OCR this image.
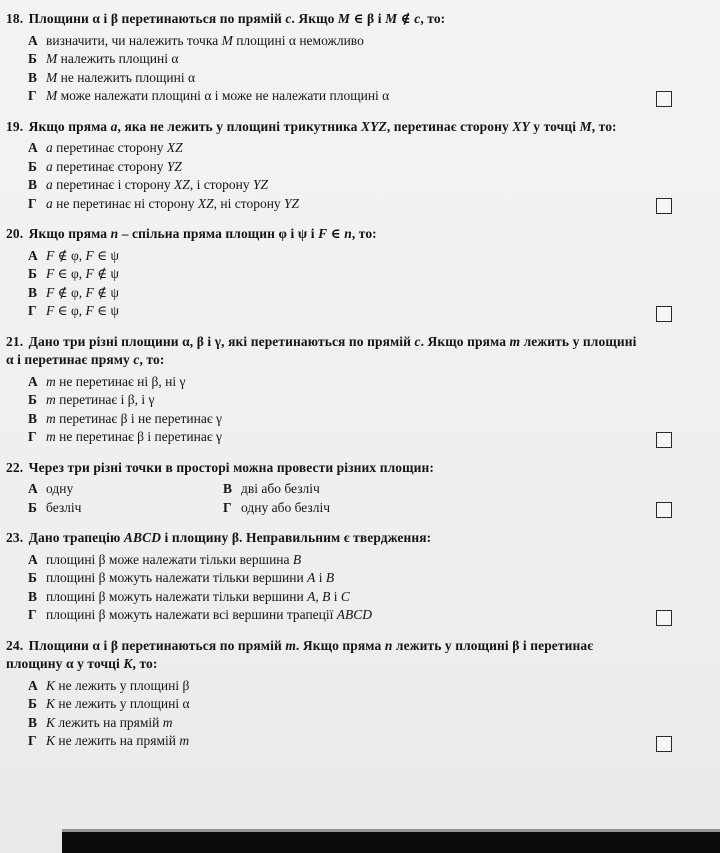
18. Площини α і β перетинаються по прямій c. Якщо M ∈ β і M ∉ c, то:

А визначити, чи належить точка M площині α неможливо
Б M належить площині α
В M не належить площині α
Г M може належати площині α і може не належати площині α

19. Якщо пряма a, яка не лежить у площині трикутника XYZ, перетинає сторону XY у точці M, то:

А a перетинає сторону XZ
Б a перетинає сторону YZ
В a перетинає і сторону XZ, і сторону YZ
Г a не перетинає ні сторону XZ, ні сторону YZ

20. Якщо пряма n – спільна пряма площин φ і ψ і F ∈ n, то:

А F ∉ φ, F ∈ ψ
Б F ∈ φ, F ∉ ψ
В F ∉ φ, F ∉ ψ
Г F ∈ φ, F ∈ ψ

21. Дано три різні площини α, β і γ, які перетинаються по прямій c. Якщо пряма m лежить у площині α і перетинає пряму c, то:

А m не перетинає ні β, ні γ
Б m перетинає і β, і γ
В m перетинає β і не перетинає γ
Г m не перетинає β і перетинає γ

22. Через три різні точки в просторі можна провести різних площин:

А одну
Б безліч
В дві або безліч
Г одну або безліч

23. Дано трапецію ABCD і площину β. Неправильним є твердження:

А площині β може належати тільки вершина B
Б площині β можуть належати тільки вершини A і B
В площині β можуть належати тільки вершини A, B і C
Г площині β можуть належати всі вершини трапеції ABCD

24. Площини α і β перетинаються по прямій m. Якщо пряма n лежить у площині β і перетинає площину α у точці K, то:

А K не лежить у площині β
Б K не лежить у площині α
В K лежить на прямій m
Г K не лежить на прямій m
